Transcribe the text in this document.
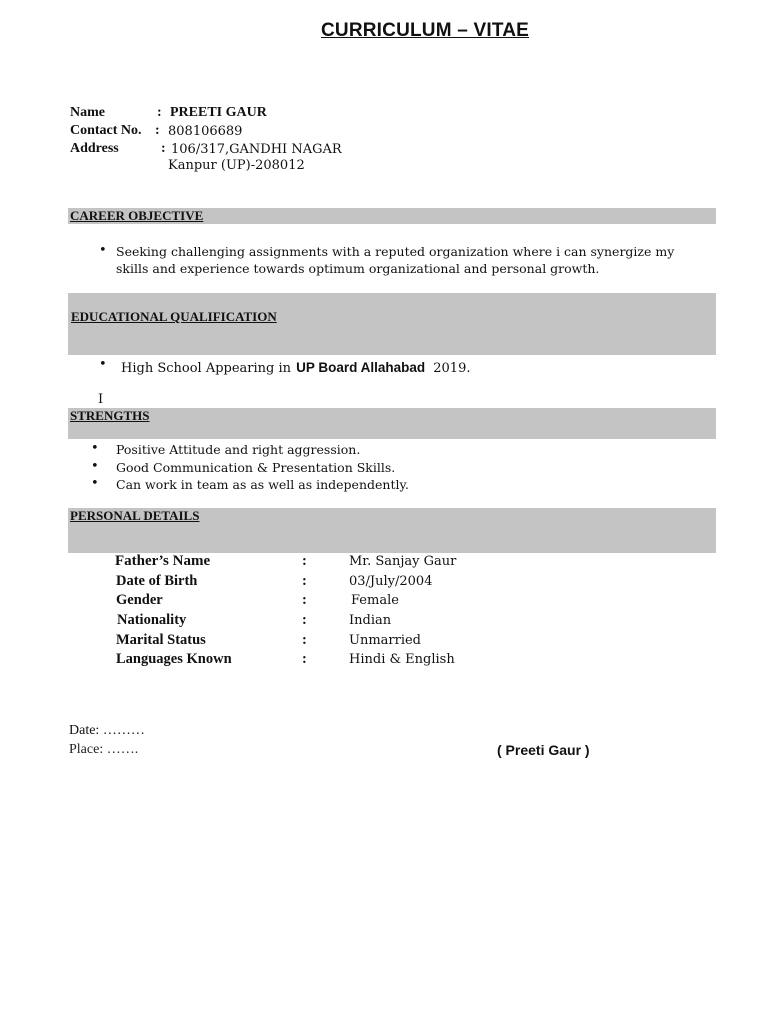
CURRICULUM – VITAE
Name	: PREETI GAUR
Contact No. : 808106689
Address	: 106/317,GANDHI NAGAR
Kanpur (UP)-208012
CAREER OBJECTIVE
• Seeking challenging assignments with a reputed organization where i can synergize my
skills and experience towards optimum organizational and personal growth.
EDUCATIONAL QUALIFICATION
• High School Appearing in UP Board Allahabad 2019.
I
STRENGTHS
• Positive Attitude and right aggression.
• Good Communication & Presentation Skills.
• Can work in team as as well as independently.
PERSONAL DETAILS
Father’s Name	:	Mr. Sanjay Gaur
Date of Birth	:	03/July/2004
Gender	:	Female
Nationality	:	Indian
Marital Status	:	Unmarried
Languages Known	:	Hindi & English
Date: ………
Place: …….	( Preeti Gaur )
